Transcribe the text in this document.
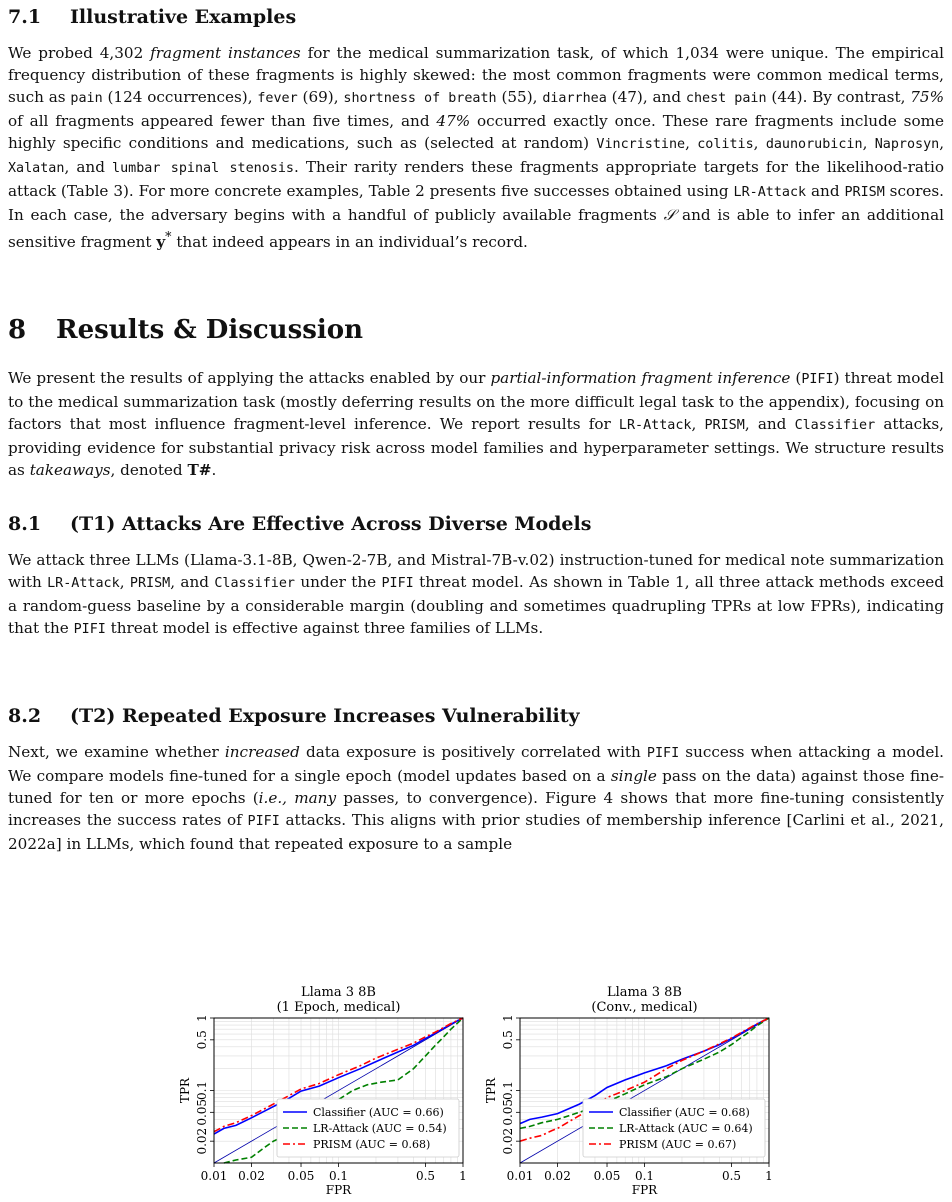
7.1 Illustrative Examples

We probed 4,302 fragment instances for the medical summarization task, of which 1,034 were unique. The empirical frequency distribution of these fragments is highly skewed: the most common fragments were common medical terms, such as pain (124 occurrences), fever (69), shortness of breath (55), diarrhea (47), and chest pain (44). By contrast, 75% of all fragments appeared fewer than five times, and 47% occurred exactly once. These rare fragments include some highly specific conditions and medications, such as (selected at random) Vincristine, colitis, daunorubicin, Naprosyn, Xalatan, and lumbar spinal stenosis. Their rarity renders these fragments appropriate targets for the likelihood-ratio attack (Table 3). For more concrete examples, Table 2 presents five successes obtained using LR-Attack and PRISM scores. In each case, the adversary begins with a handful of publicly available fragments 𝒮 and is able to infer an additional sensitive fragment y* that indeed appears in an individual’s record.

8 Results & Discussion

We present the results of applying the attacks enabled by our partial-information fragment inference (PIFI) threat model to the medical summarization task (mostly deferring results on the more difficult legal task to the appendix), focusing on factors that most influence fragment-level inference. We report results for LR-Attack, PRISM, and Classifier attacks, providing evidence for substantial privacy risk across model families and hyperparameter settings. We structure results as takeaways, denoted T#.

8.1 (T1) Attacks Are Effective Across Diverse Models

We attack three LLMs (Llama-3.1-8B, Qwen-2-7B, and Mistral-7B-v.02) instruction-tuned for medical note summarization with LR-Attack, PRISM, and Classifier under the PIFI threat model. As shown in Table 1, all three attack methods exceed a random-guess baseline by a considerable margin (doubling and sometimes quadrupling TPRs at low FPRs), indicating that the PIFI threat model is effective against three families of LLMs.

8.2 (T2) Repeated Exposure Increases Vulnerability

Next, we examine whether increased data exposure is positively correlated with PIFI success when attacking a model. We compare models fine-tuned for a single epoch (model updates based on a single pass on the data) against those fine-tuned for ten or more epochs (i.e., many passes, to convergence). Figure 4 shows that more fine-tuning consistently increases the success rates of PIFI attacks. This aligns with prior studies of membership inference [Carlini et al., 2021, 2022a] in LLMs, which found that repeated exposure to a sample

0.01 0.02 0.05 0.1	0.5 1
0.02
0.05
0.1
0.5
1
Llama 3 8B
(1 Epoch, medical)
FPR
TPR
Classifier (AUC = 0.66)
LR-Attack (AUC = 0.54)
PRISM (AUC = 0.68)
0.01 0.02 0.05 0.1	0.5 1
0.02
0.05
0.1
0.5
1
Llama 3 8B
(Conv., medical)
FPR
TPR
Classifier (AUC = 0.68)
LR-Attack (AUC = 0.64)
PRISM (AUC = 0.67)
